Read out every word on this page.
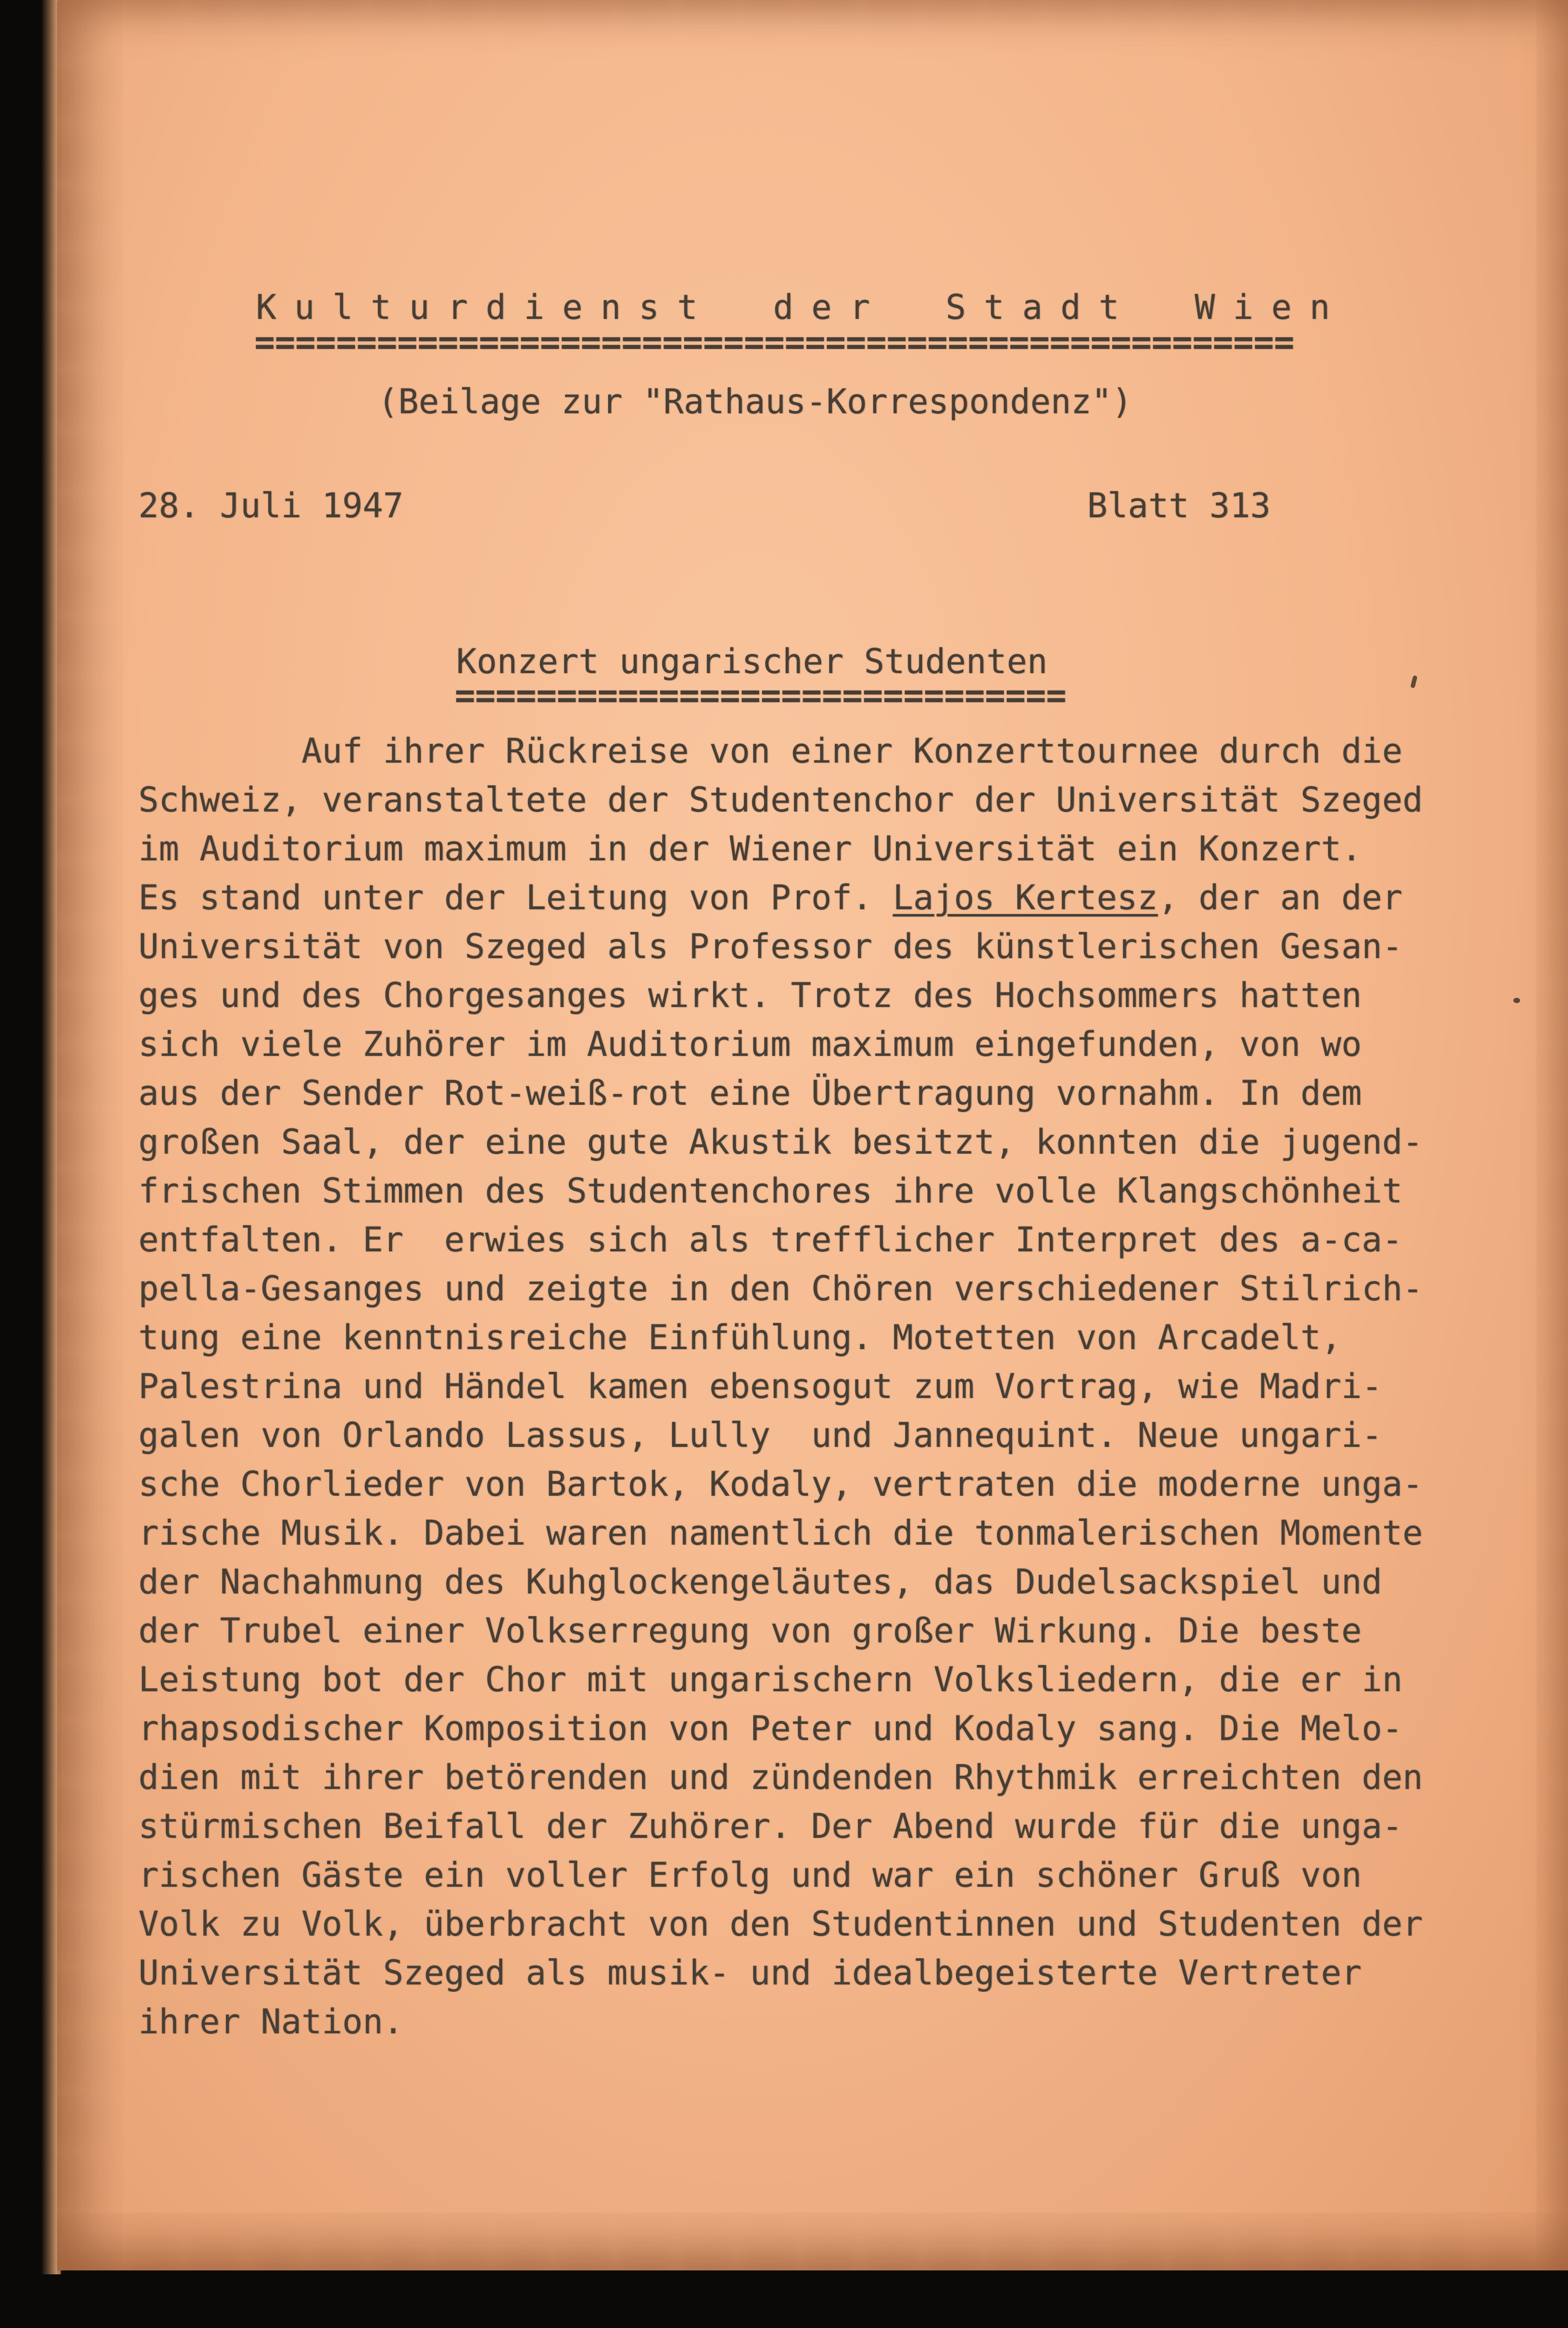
Kulturdienst der Stadt Wien
===================================================
(Beilage zur "Rathaus-Korrespondenz")
28. Juli 1947	Blatt 313
Konzert ungarischer Studenten
==============================
Auf ihrer Rückreise von einer Konzerttournee durch die
Schweiz, veranstaltete der Studentenchor der Universität Szeged
im Auditorium maximum in der Wiener Universität ein Konzert.
Es stand unter der Leitung von Prof. Lajos Kertesz, der an der
Universität von Szeged als Professor des künstlerischen Gesan-
ges und des Chorgesanges wirkt. Trotz des Hochsommers hatten
sich viele Zuhörer im Auditorium maximum eingefunden, von wo
aus der Sender Rot-weiß-rot eine Übertragung vornahm. In dem
großen Saal, der eine gute Akustik besitzt, konnten die jugend-
frischen Stimmen des Studentenchores ihre volle Klangschönheit
entfalten. Er  erwies sich als trefflicher Interpret des a-ca-
pella-Gesanges und zeigte in den Chören verschiedener Stilrich-
tung eine kenntnisreiche Einfühlung. Motetten von Arcadelt,
Palestrina und Händel kamen ebensogut zum Vortrag, wie Madri-
galen von Orlando Lassus, Lully  und Jannequint. Neue ungari-
sche Chorlieder von Bartok, Kodaly, vertraten die moderne unga-
rische Musik. Dabei waren namentlich die tonmalerischen Momente
der Nachahmung des Kuhglockengeläutes, das Dudelsackspiel und
der Trubel einer Volkserregung von großer Wirkung. Die beste
Leistung bot der Chor mit ungarischern Volksliedern, die er in
rhapsodischer Komposition von Peter und Kodaly sang. Die Melo-
dien mit ihrer betörenden und zündenden Rhythmik erreichten den
stürmischen Beifall der Zuhörer. Der Abend wurde für die unga-
rischen Gäste ein voller Erfolg und war ein schöner Gruß von
Volk zu Volk, überbracht von den Studentinnen und Studenten der
Universität Szeged als musik- und idealbegeisterte Vertreter
ihrer Nation.
